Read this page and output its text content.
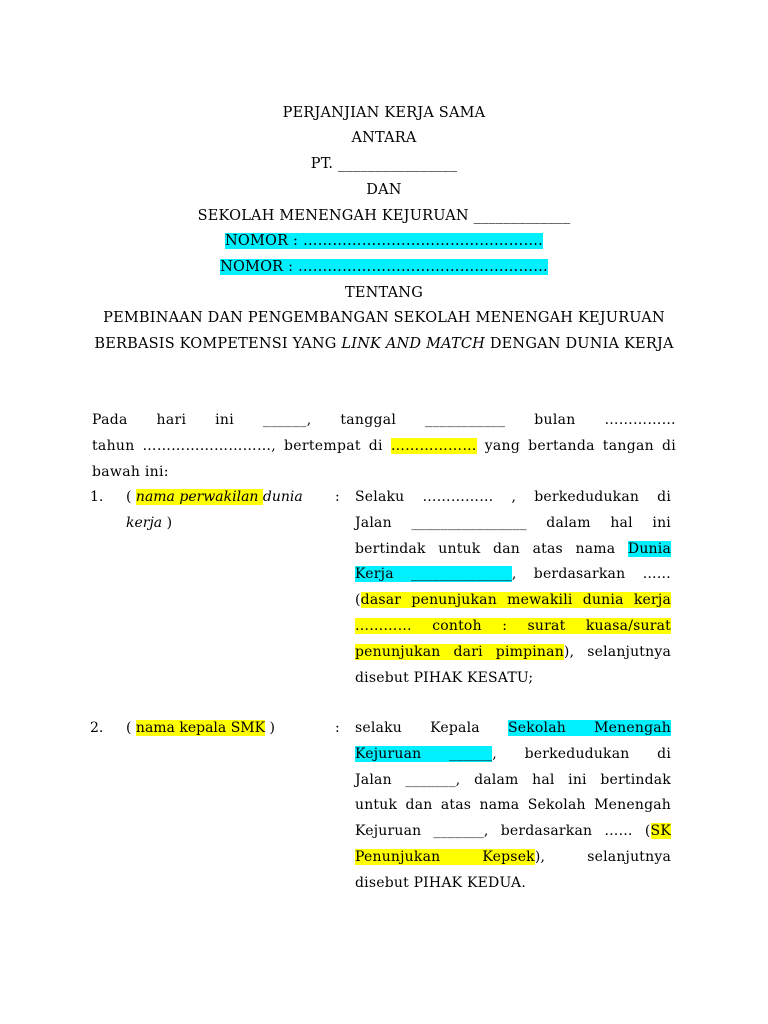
PERJANJIAN KERJA SAMA
ANTARA
PT. ________________
DAN
SEKOLAH MENENGAH KEJURUAN _____________
NOMOR : ………………………………………….
NOMOR : ……………………………………………
TENTANG
PEMBINAAN DAN PENGEMBANGAN SEKOLAH MENENGAH KEJURUAN
BERBASIS KOMPETENSI YANG LINK AND MATCH DENGAN DUNIA KERJA
Pada hari ini ______, tanggal ___________ bulan ……………
tahun ………………………, bertempat di ……………… yang bertanda tangan di
bawah ini:
1. ( nama perwakilan dunia
kerja )
: Selaku …………… , berkedudukan di
Jalan ________________ dalam hal ini
bertindak untuk dan atas nama Dunia
Kerja ______________, berdasarkan ……
(dasar penunjukan mewakili dunia kerja
………… contoh : surat kuasa/surat
penunjukan dari pimpinan), selanjutnya
disebut PIHAK KESATU;
2. ( nama kepala SMK )	: selaku Kepala Sekolah Menengah
Kejuruan ______, berkedudukan di
Jalan _______, dalam hal ini bertindak
untuk dan atas nama Sekolah Menengah
Kejuruan _______, berdasarkan …… (SK
Penunjukan Kepsek), selanjutnya
disebut PIHAK KEDUA.
